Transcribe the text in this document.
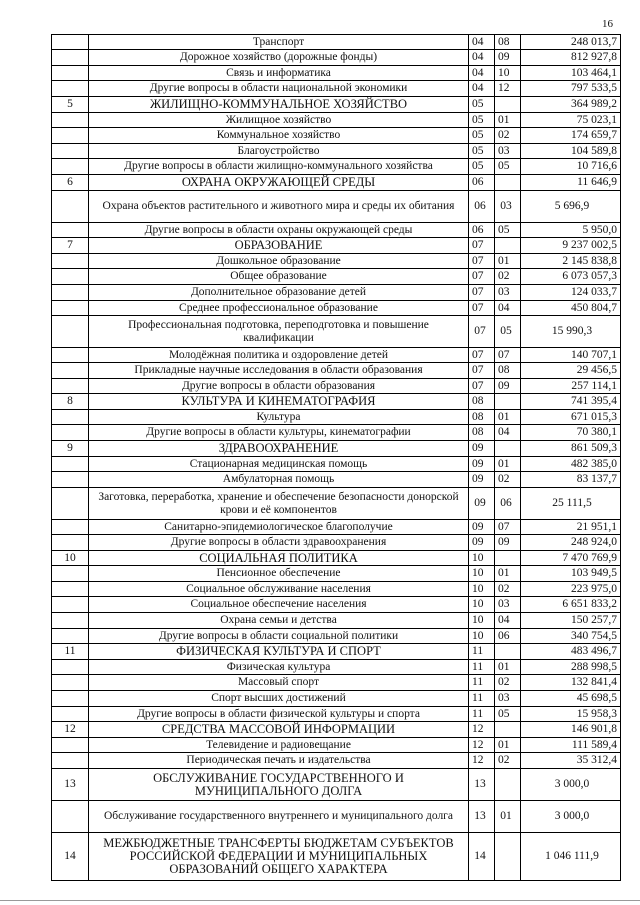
16
	Транспорт	04	08	248 013,7
	Дорожное хозяйство (дорожные фонды)	04	09	812 927,8
	Связь и информатика	04	10	103 464,1
	Другие вопросы в области национальной экономики	04	12	797 533,5
5	ЖИЛИЩНО-КОММУНАЛЬНОЕ ХОЗЯЙСТВО	05		364 989,2
	Жилищное хозяйство	05	01	75 023,1
	Коммунальное хозяйство	05	02	174 659,7
	Благоустройство	05	03	104 589,8
	Другие вопросы в области жилищно-коммунального хозяйства	05	05	10 716,6
6	ОХРАНА ОКРУЖАЮЩЕЙ СРЕДЫ	06		11 646,9
	Охрана объектов растительного и животного мира и среды их обитания	06	03	5 696,9
	Другие вопросы в области охраны окружающей среды	06	05	5 950,0
7	ОБРАЗОВАНИЕ	07		9 237 002,5
	Дошкольное образование	07	01	2 145 838,8
	Общее образование	07	02	6 073 057,3
	Дополнительное образование детей	07	03	124 033,7
	Среднее профессиональное образование	07	04	450 804,7
	Профессиональная подготовка, переподготовка и повышение квалификации	07	05	15 990,3
	Молодёжная политика и оздоровление детей	07	07	140 707,1
	Прикладные научные исследования в области образования	07	08	29 456,5
	Другие вопросы в области образования	07	09	257 114,1
8	КУЛЬТУРА И КИНЕМАТОГРАФИЯ	08		741 395,4
	Культура	08	01	671 015,3
	Другие вопросы в области культуры, кинематографии	08	04	70 380,1
9	ЗДРАВООХРАНЕНИЕ	09		861 509,3
	Стационарная медицинская помощь	09	01	482 385,0
	Амбулаторная помощь	09	02	83 137,7
	Заготовка, переработка, хранение и обеспечение безопасности донорской крови и её компонентов	09	06	25 111,5
	Санитарно-эпидемиологическое благополучие	09	07	21 951,1
	Другие вопросы в области здравоохранения	09	09	248 924,0
10	СОЦИАЛЬНАЯ ПОЛИТИКА	10		7 470 769,9
	Пенсионное обеспечение	10	01	103 949,5
	Социальное обслуживание населения	10	02	223 975,0
	Социальное обеспечение населения	10	03	6 651 833,2
	Охрана семьи и детства	10	04	150 257,7
	Другие вопросы в области социальной политики	10	06	340 754,5
11	ФИЗИЧЕСКАЯ КУЛЬТУРА И СПОРТ	11		483 496,7
	Физическая культура	11	01	288 998,5
	Массовый спорт	11	02	132 841,4
	Спорт высших достижений	11	03	45 698,5
	Другие вопросы в области физической культуры и спорта	11	05	15 958,3
12	СРЕДСТВА МАССОВОЙ ИНФОРМАЦИИ	12		146 901,8
	Телевидение и радиовещание	12	01	111 589,4
	Периодическая печать и издательства	12	02	35 312,4
13	ОБСЛУЖИВАНИЕ ГОСУДАРСТВЕННОГО И МУНИЦИПАЛЬНОГО ДОЛГА	13		3 000,0
	Обслуживание государственного внутреннего и муниципального долга	13	01	3 000,0
14	МЕЖБЮДЖЕТНЫЕ ТРАНСФЕРТЫ БЮДЖЕТАМ СУБЪЕКТОВ РОССИЙСКОЙ ФЕДЕРАЦИИ И МУНИЦИПАЛЬНЫХ ОБРАЗОВАНИЙ ОБЩЕГО ХАРАКТЕРА	14		1 046 111,9
